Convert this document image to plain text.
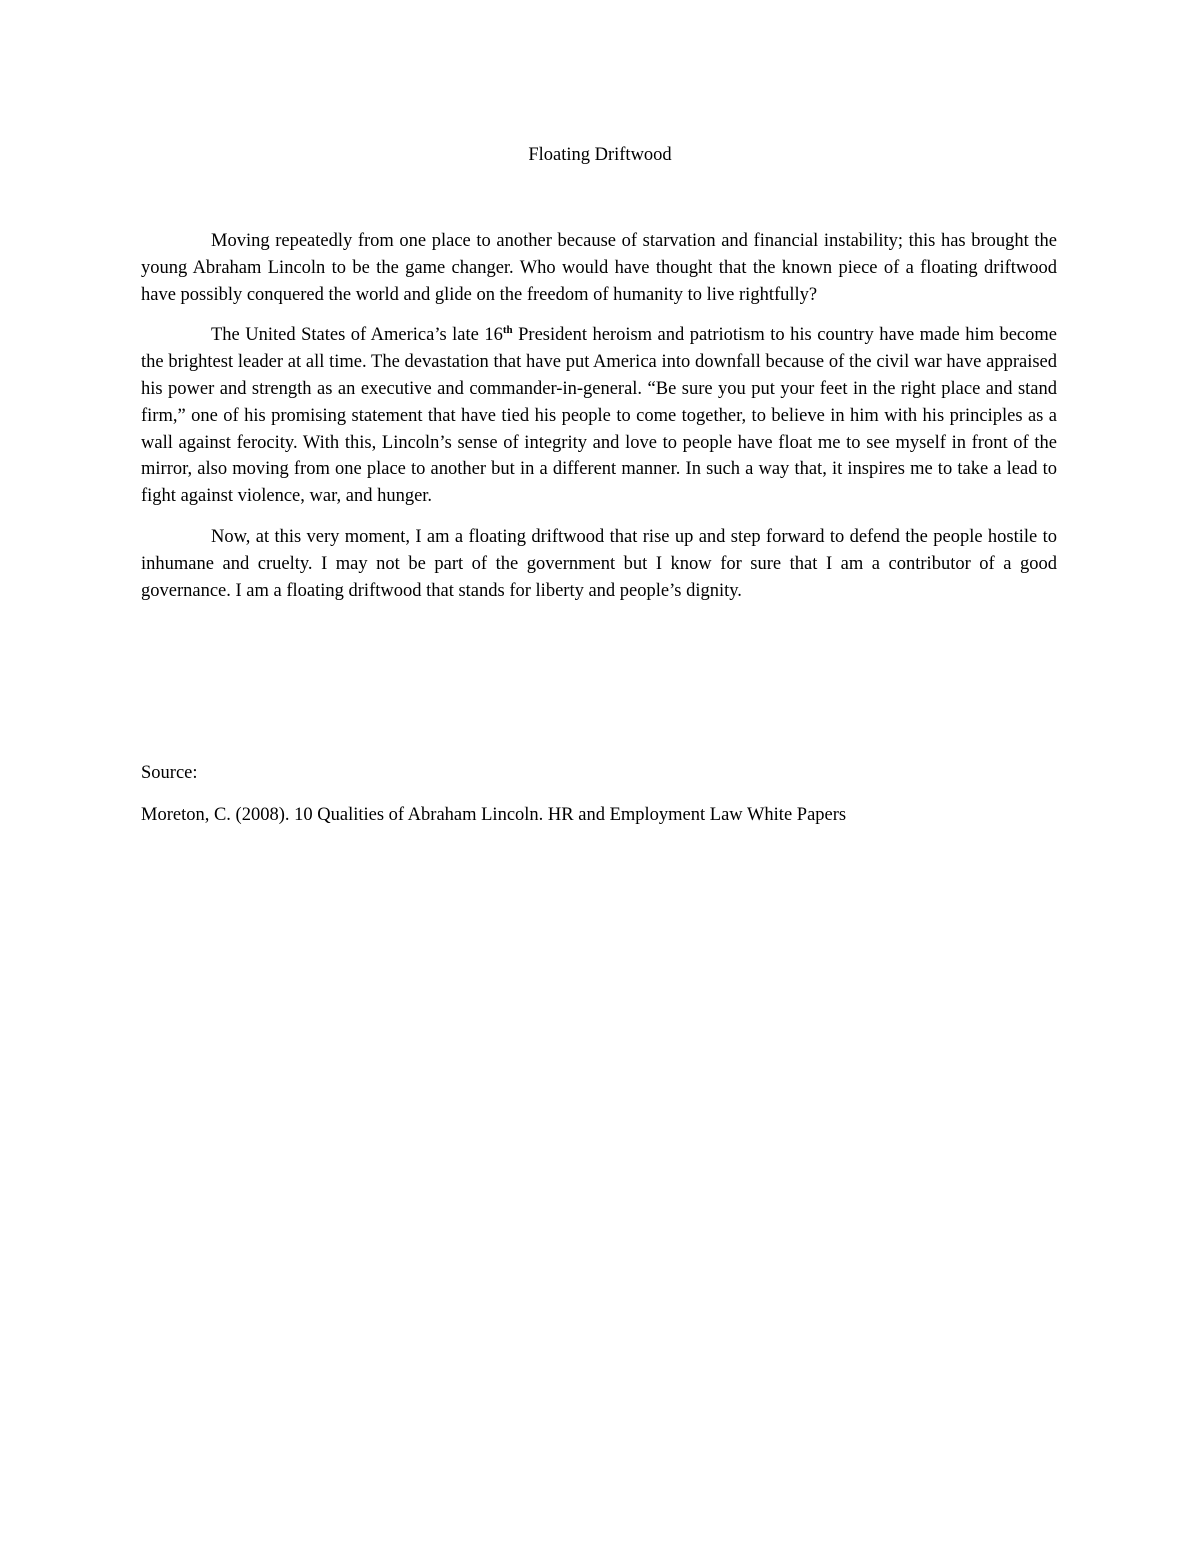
Floating Driftwood

Moving repeatedly from one place to another because of starvation and financial instability; this has brought the young Abraham Lincoln to be the game changer. Who would have thought that the known piece of a floating driftwood have possibly conquered the world and glide on the freedom of humanity to live rightfully?

The United States of America’s late 16th President heroism and patriotism to his country have made him become the brightest leader at all time. The devastation that have put America into downfall because of the civil war have appraised his power and strength as an executive and commander-in-general. “Be sure you put your feet in the right place and stand firm,” one of his promising statement that have tied his people to come together, to believe in him with his principles as a wall against ferocity. With this, Lincoln’s sense of integrity and love to people have float me to see myself in front of the mirror, also moving from one place to another but in a different manner. In such a way that, it inspires me to take a lead to fight against violence, war, and hunger.

Now, at this very moment, I am a floating driftwood that rise up and step forward to defend the people hostile to inhumane and cruelty. I may not be part of the government but I know for sure that I am a contributor of a good governance. I am a floating driftwood that stands for liberty and people’s dignity.

Source:
Moreton, C. (2008). 10 Qualities of Abraham Lincoln. HR and Employment Law White Papers
